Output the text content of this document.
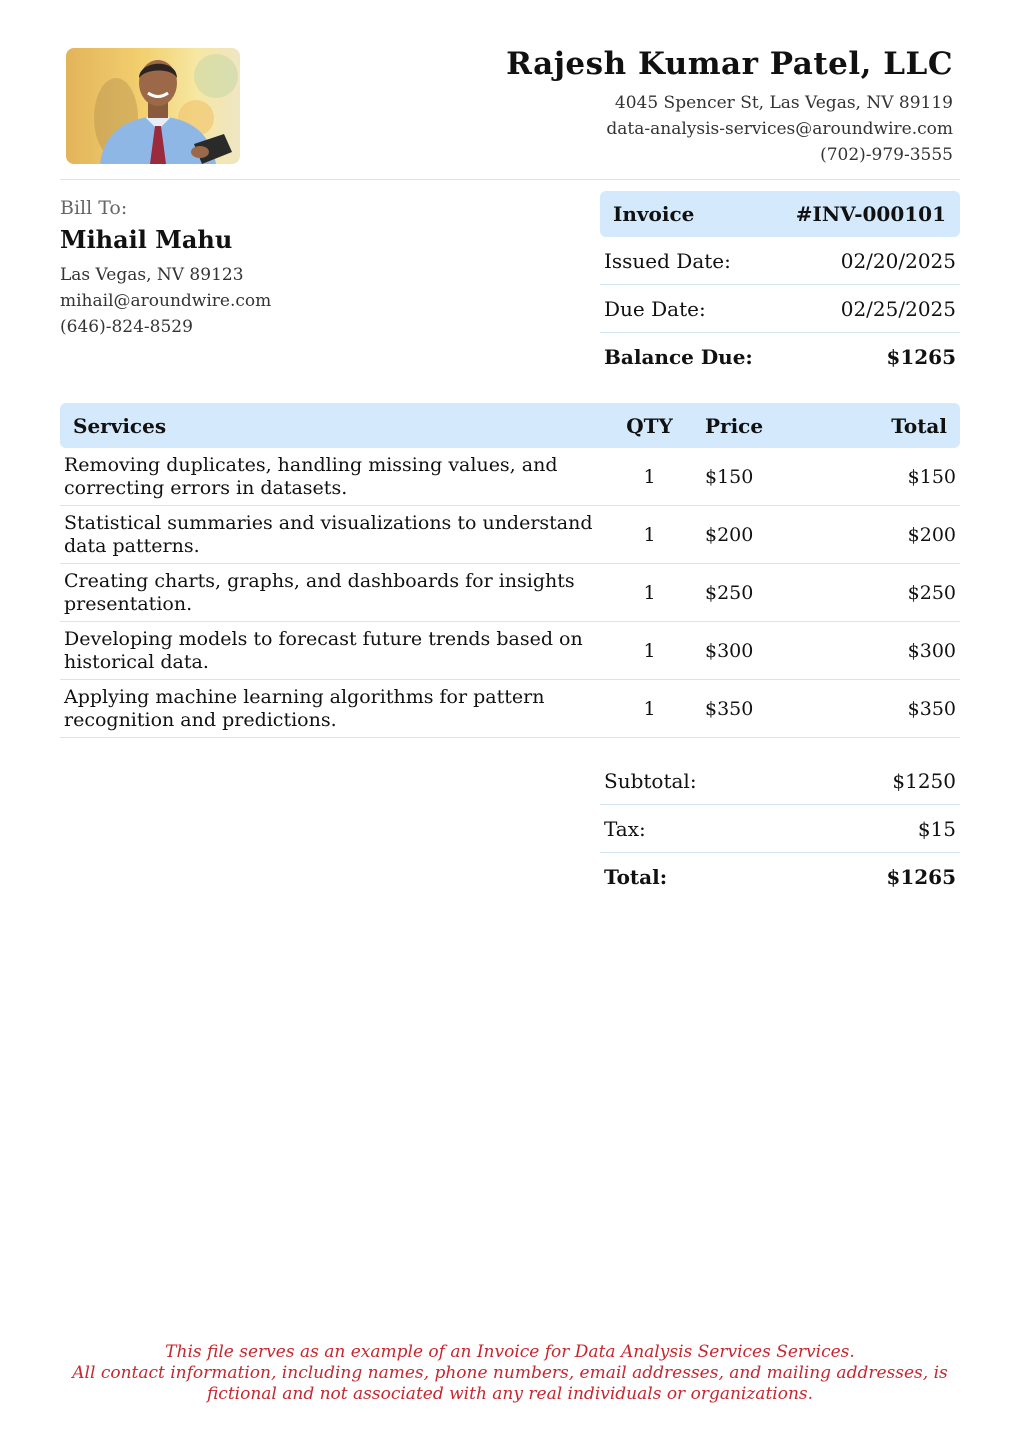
Rajesh Kumar Patel, LLC
4045 Spencer St, Las Vegas, NV 89119
data-analysis-services@aroundwire.com
(702)-979-3555
Bill To:
Mihail Mahu
Las Vegas, NV 89123
mihail@aroundwire.com
(646)-824-8529
Invoice	#INV-000101
Issued Date:	02/20/2025
Due Date:	02/25/2025
Balance Due:	$1265
Services	QTY	Price	Total
Removing duplicates, handling missing values, and correcting errors in datasets.	1	$150	$150
Statistical summaries and visualizations to understand data patterns.	1	$200	$200
Creating charts, graphs, and dashboards for insights presentation.	1	$250	$250
Developing models to forecast future trends based on historical data.	1	$300	$300
Applying machine learning algorithms for pattern recognition and predictions.	1	$350	$350
Subtotal:	$1250
Tax:	$15
Total:	$1265
This file serves as an example of an Invoice for Data Analysis Services Services.
All contact information, including names, phone numbers, email addresses, and mailing addresses, is
fictional and not associated with any real individuals or organizations.
